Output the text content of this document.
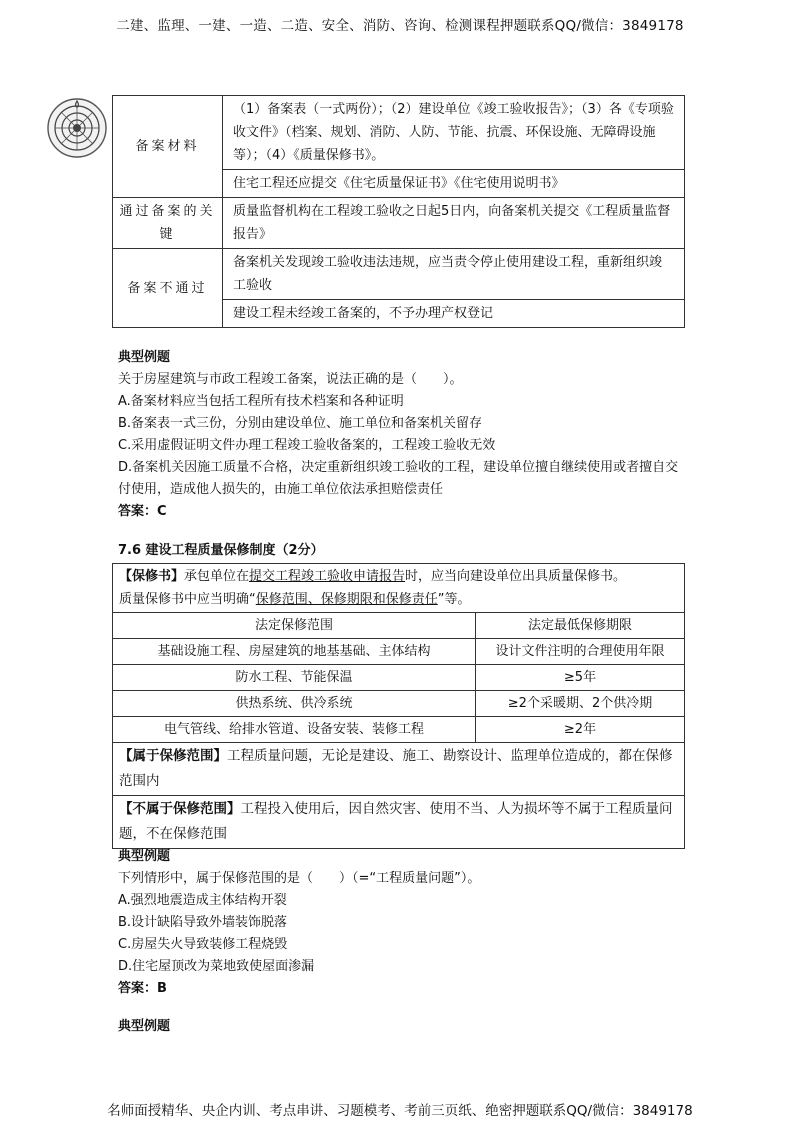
二建、监理、一建、一造、二造、安全、消防、咨询、检测课程押题联系QQ/微信：3849178
备案材料	（1）备案表（一式两份）；（2）建设单位《竣工验收报告》；（3）各《专项验收文件》（档案、规划、消防、人防、节能、抗震、环保设施、无障碍设施等）；（4）《质量保修书》。
	住宅工程还应提交《住宅质量保证书》《住宅使用说明书》
通过备案的关键	质量监督机构在工程竣工验收之日起5日内，向备案机关提交《工程质量监督报告》
备案不通过	备案机关发现竣工验收违法违规，应当责令停止使用建设工程，重新组织竣工验收
	建设工程未经竣工备案的，不予办理产权登记
典型例题
关于房屋建筑与市政工程竣工备案，说法正确的是（　　）。
A.备案材料应当包括工程所有技术档案和各种证明
B.备案表一式三份，分别由建设单位、施工单位和备案机关留存
C.采用虚假证明文件办理工程竣工验收备案的，工程竣工验收无效
D.备案机关因施工质量不合格，决定重新组织竣工验收的工程，建设单位擅自继续使用或者擅自交付使用，造成他人损失的，由施工单位依法承担赔偿责任
答案：C
7.6 建设工程质量保修制度（2分）
【保修书】承包单位在提交工程竣工验收申请报告时，应当向建设单位出具质量保修书。
质量保修书中应当明确“保修范围、保修期限和保修责任”等。	
法定保修范围	法定最低保修期限
基础设施工程、房屋建筑的地基基础、主体结构	设计文件注明的合理使用年限
防水工程、节能保温	≥5年
供热系统、供冷系统	≥2个采暖期、2个供冷期
电气管线、给排水管道、设备安装、装修工程	≥2年
【属于保修范围】工程质量问题，无论是建设、施工、勘察设计、监理单位造成的，都在保修范围内	
【不属于保修范围】工程投入使用后，因自然灾害、使用不当、人为损坏等不属于工程质量问题，不在保修范围	
典型例题
下列情形中，属于保修范围的是（　　）（=“工程质量问题”）。
A.强烈地震造成主体结构开裂
B.设计缺陷导致外墙装饰脱落
C.房屋失火导致装修工程烧毁
D.住宅屋顶改为菜地致使屋面渗漏
答案：B
典型例题
名师面授精华、央企内训、考点串讲、习题模考、考前三页纸、绝密押题联系QQ/微信：3849178
